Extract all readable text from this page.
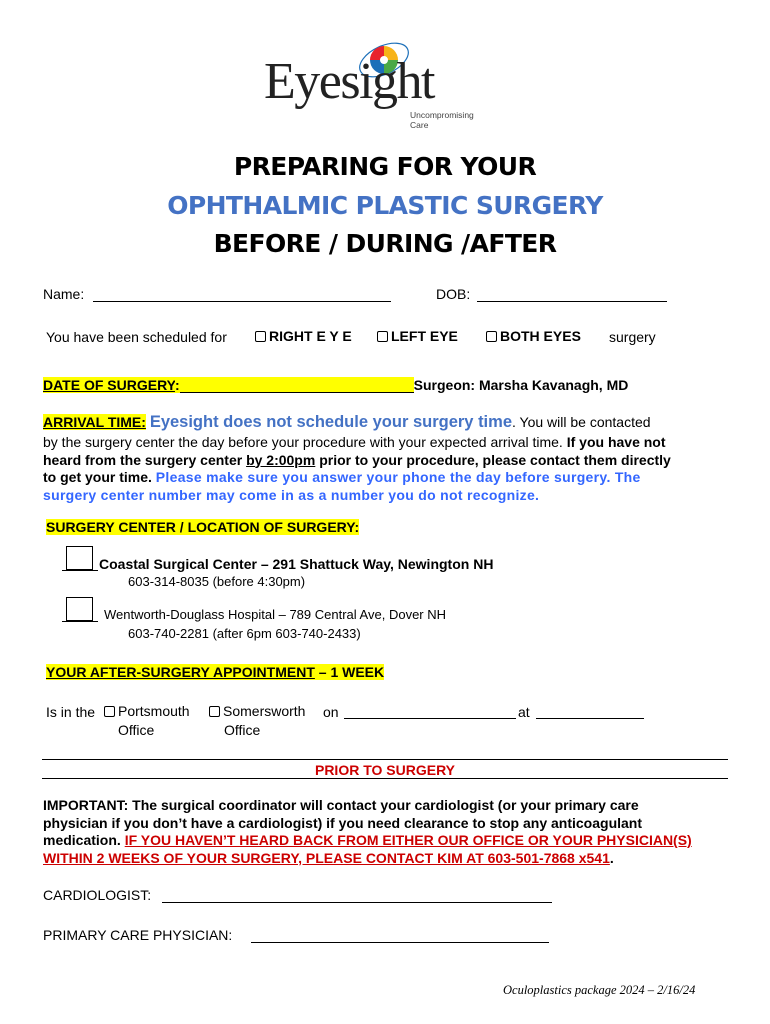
Eyesight
Uncompromising Care
PREPARING FOR YOUR
OPHTHALMIC PLASTIC SURGERY
BEFORE / DURING /AFTER
Name:	DOB:
You have been scheduled for	RIGHT E Y E	LEFT EYE	BOTH EYES surgery
DATE OF SURGERY:	Surgeon: Marsha Kavanagh, MD
ARRIVAL TIME: Eyesight does not schedule your surgery time. You will be contacted
by the surgery center the day before your procedure with your expected arrival time. If you have not
heard from the surgery center by 2:00pm prior to your procedure, please contact them directly
to get your time. Please make sure you answer your phone the day before surgery. The
surgery center number may come in as a number you do not recognize.
SURGERY CENTER / LOCATION OF SURGERY:
Coastal Surgical Center – 291 Shattuck Way, Newington NH
603-314-8035 (before 4:30pm)
Wentworth-Douglass Hospital – 789 Central Ave, Dover NH
603-740-2281 (after 6pm 603-740-2433)
YOUR AFTER-SURGERY APPOINTMENT – 1 WEEK
Is in the	Portsmouth
Office
Somersworth
Office
on	at
PRIOR TO SURGERY
IMPORTANT: The surgical coordinator will contact your cardiologist (or your primary care
physician if you don’t have a cardiologist) if you need clearance to stop any anticoagulant
medication. IF YOU HAVEN’T HEARD BACK FROM EITHER OUR OFFICE OR YOUR PHYSICIAN(S)
WITHIN 2 WEEKS OF YOUR SURGERY, PLEASE CONTACT KIM AT 603-501-7868 x541.
CARDIOLOGIST:
PRIMARY CARE PHYSICIAN:
Oculoplastics package 2024 – 2/16/24
